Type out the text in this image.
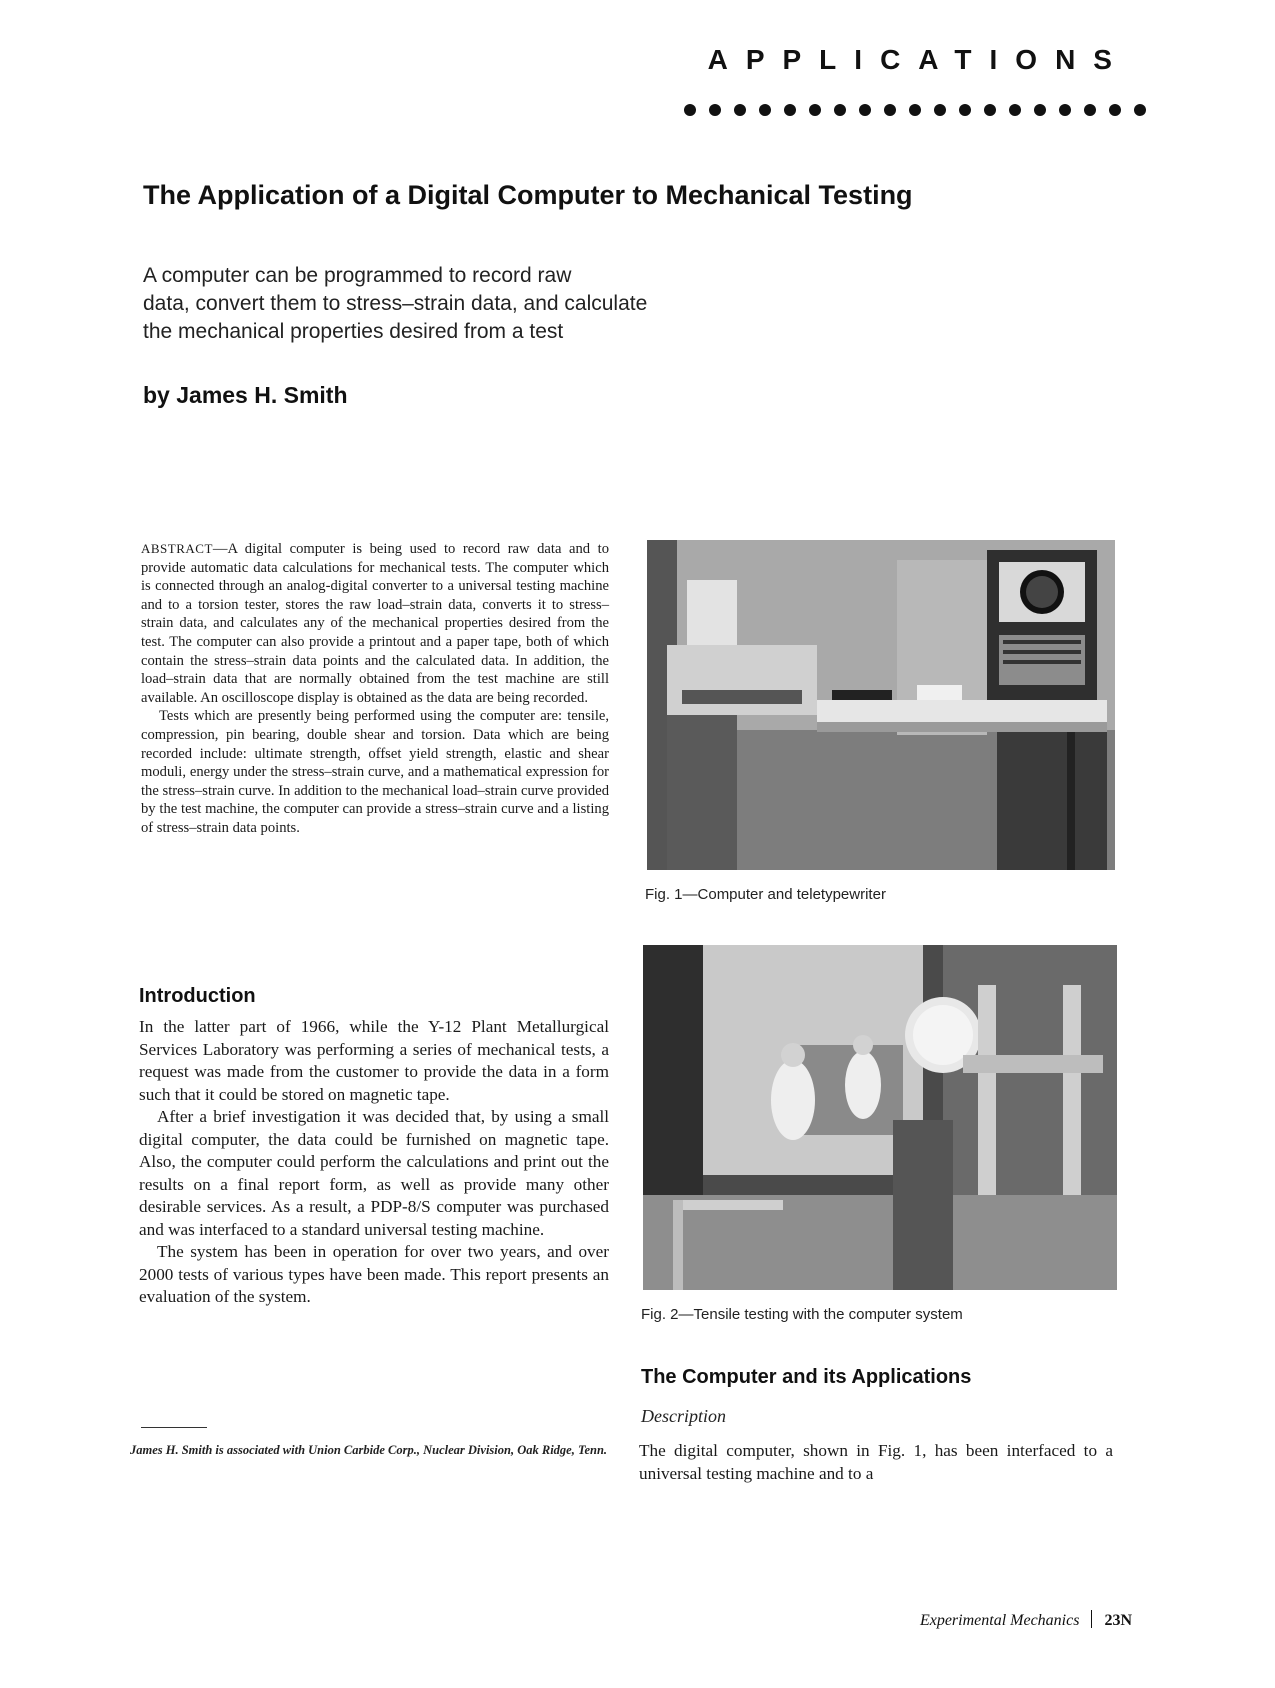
APPLICATIONS
The Application of a Digital Computer to Mechanical Testing
A computer can be programmed to record raw
data, convert them to stress–strain data, and calculate
the mechanical properties desired from a test
by James H. Smith

ABSTRACT—A digital computer is being used to record raw data and to provide automatic data calculations for mechanical tests. The computer which is connected through an analog-digital converter to a universal testing machine and to a torsion tester, stores the raw load–strain data, converts it to stress–strain data, and calculates any of the mechanical properties desired from the test. The computer can also provide a printout and a paper tape, both of which contain the stress–strain data points and the calculated data. In addition, the load–strain data that are normally obtained from the test machine are still available. An oscilloscope display is obtained as the data are being recorded.

Tests which are presently being performed using the computer are: tensile, compression, pin bearing, double shear and torsion. Data which are being recorded include: ultimate strength, offset yield strength, elastic and shear moduli, energy under the stress–strain curve, and a mathematical expression for the stress–strain curve. In addition to the mechanical load–strain curve provided by the test machine, the computer can provide a stress–strain curve and a listing of stress–strain data points.

Introduction

In the latter part of 1966, while the Y-12 Plant Metallurgical Services Laboratory was performing a series of mechanical tests, a request was made from the customer to provide the data in a form such that it could be stored on magnetic tape.

After a brief investigation it was decided that, by using a small digital computer, the data could be furnished on magnetic tape. Also, the computer could perform the calculations and print out the results on a final report form, as well as provide many other desirable services. As a result, a PDP-8/S computer was purchased and was interfaced to a standard universal testing machine.

The system has been in operation for over two years, and over 2000 tests of various types have been made. This report presents an evaluation of the system.

James H. Smith is associated with Union Carbide Corp., Nuclear Division, Oak Ridge, Tenn.
Fig. 1—Computer and teletypewriter
Fig. 2—Tensile testing with the computer system
The Computer and its Applications
Description

The digital computer, shown in Fig. 1, has been interfaced to a universal testing machine and to a

Experimental Mechanics 23N
